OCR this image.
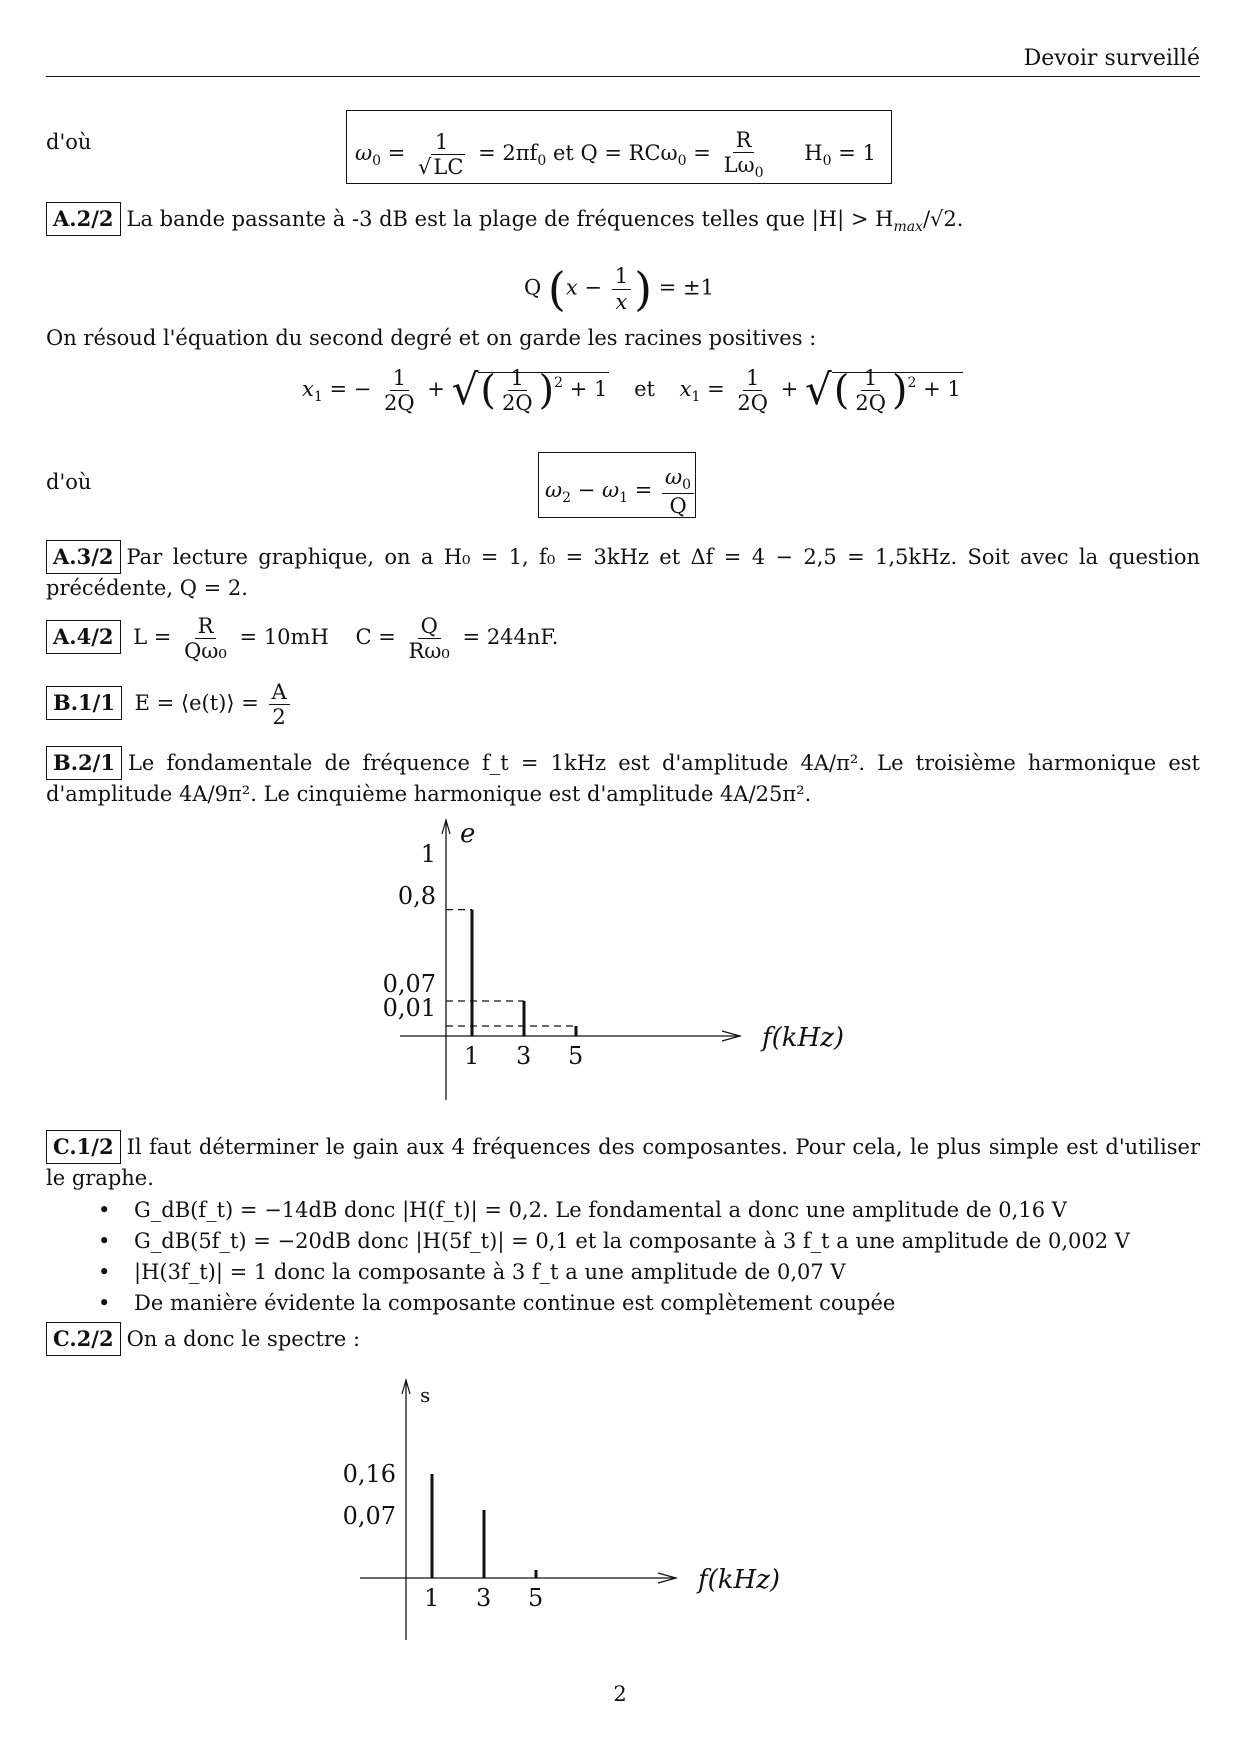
Devoir surveillé
d'où	$\omega_0 = \frac{1}{√LC} = 2\pi f_0$ et $Q = RC\omega_0 = \frac{R}{L\omega_0} H_0 = 1$
A.2/2 La bande passante à -3 dB est la plage de fréquences telles que $|H| > H_{max}/√2$.
Q ($x - \frac{1}{x}$ ) = ±1
On résoud l'équation du second degré et on garde les racines positives :
$x_1$ = − $\frac{1}{2Q}$ + √( $\frac{1}{2Q} )^2 + 1$ et $x_1 = \frac{1}{2Q}$ + √( $\frac{1}{2Q} )^2 + 1$
d'où	$\omega_2 - \omega_1 = \frac{\omega_0}{Q}$
A.3/2 Par lecture graphique, on a H₀ = 1, f₀ = 3kHz et Δf = 4 − 2,5 = 1,5kHz. Soit avec la question précédente, Q = 2.
A.4/2 $L = \frac{R}{\text{Qω₀}} = 10mH$ $C = \frac{Q}{\text{Rω₀}} = 244nF$.
B.1/1 E = ⟨e(t)⟩ = $\frac{A}{2}$
B.2/1 Le fondamentale de fréquence f_t = 1kHz est d'amplitude 4A/π². Le troisième harmonique est d'amplitude 4A/9π². Le cinquième harmonique est d'amplitude 4A/25π².
e
f(kHz)
1 3 5
1
0,8
0,07
0,01
C.1/2 Il faut déterminer le gain aux 4 fréquences des composantes. Pour cela, le plus simple est d'utiliser le graphe.
• G_dB(f_t) = −14dB donc |H(f_t)| = 0,2. Le fondamental a donc une amplitude de 0,16 V
• G_dB(5f_t) = −20dB donc |H(5f_t)| = 0,1 et la composante à 3 f_t a une amplitude de 0,002 V
• |H(3f_t)| = 1 donc la composante à 3 f_t a une amplitude de 0,07 V
• De manière évidente la composante continue est complètement coupée
C.2/2 On a donc le spectre :
s
f(kHz)
1 3 5
0,16
0,07
2
